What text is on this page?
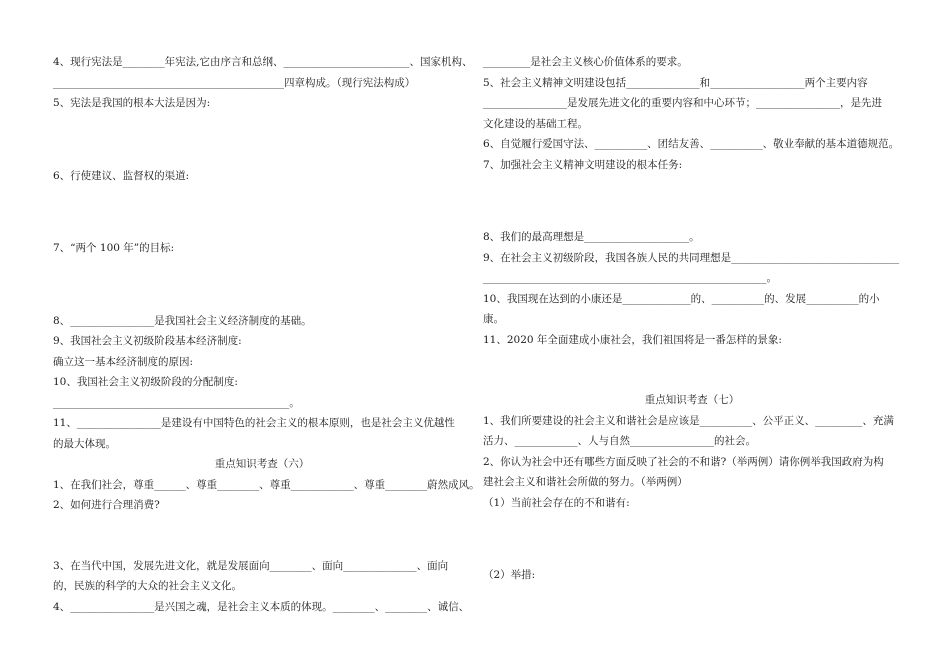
4、现行宪法是________年宪法,它由序言和总纲、________________________、国家机构、
____________________________________________四章构成。（现行宪法构成）
5、宪法是我国的根本大法是因为:
6、行使建议、监督权的渠道:
7、“两个 100 年”的目标:
8、________________是我国社会主义经济制度的基础。
9、我国社会主义初级阶段基本经济制度:
确立这一基本经济制度的原因:
10、我国社会主义初级阶段的分配制度:
_____________________________________________。
11、________________是建设有中国特色的社会主义的根本原则，也是社会主义优越性
的最大体现。
重点知识考查（六）
1、在我们社会，尊重______、尊重________、尊重____________、尊重________蔚然成风。
2、如何进行合理消费?
3、在当代中国，发展先进文化，就是发展面向________、面向______________、面向
的，民族的科学的大众的社会主义文化。
4、________________是兴国之魂，是社会主义本质的体现。________、________、诚信、
_________是社会主义核心价值体系的要求。
5、社会主义精神文明建设包括______________和__________________两个主要内容
________________是发展先进文化的重要内容和中心环节；________________，是先进
文化建设的基础工程。
6、自觉履行爱国守法、__________、团结友善、__________、敬业奉献的基本道德规范。
7、加强社会主义精神文明建设的根本任务:
8、我们的最高理想是____________________。
9、在社会主义初级阶段，我国各族人民的共同理想是________________________________
______________________________________________________。
10、我国现在达到的小康还是_____________的、__________的、发展__________的小
康。
11、2020 年全面建成小康社会，我们祖国将是一番怎样的景象:
重点知识考查（七）
1、我们所要建设的社会主义和谐社会是应该是__________、公平正义、_________、充满
活力、____________、人与自然________________的社会。
2、你认为社会中还有哪些方面反映了社会的不和谐?（举两例）请你例举我国政府为构
建社会主义和谐社会所做的努力。（举两例）
（1）当前社会存在的不和谐有:
（2）举措:
